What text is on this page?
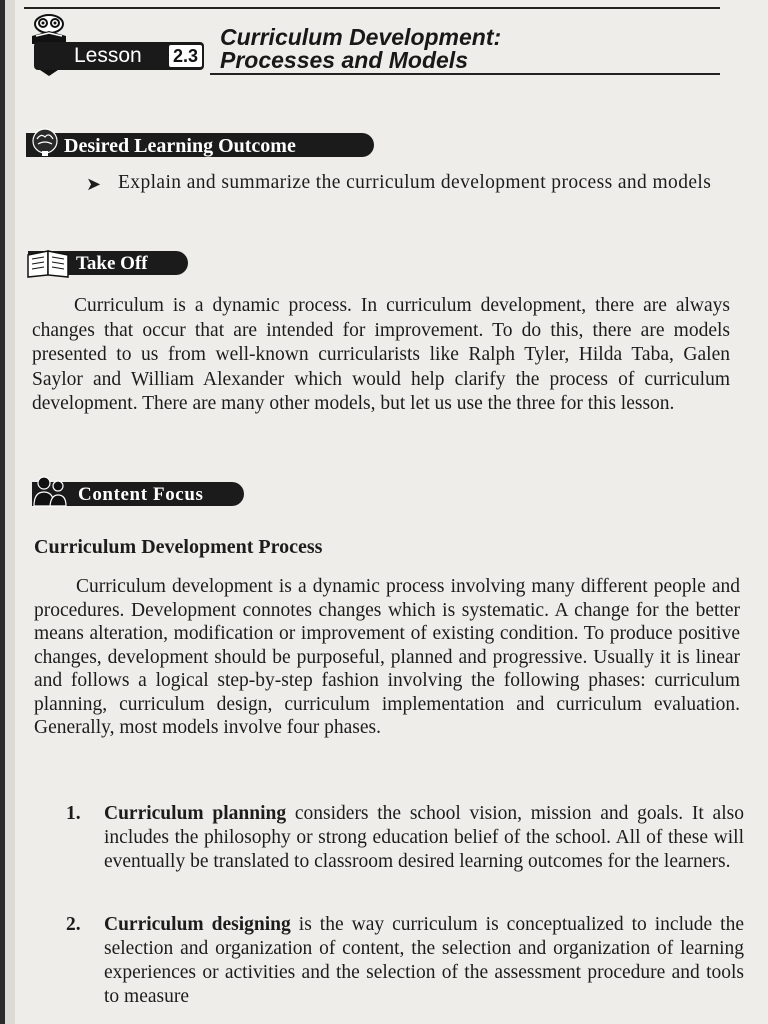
Lesson 2.3
Curriculum Development:
Processes and Models
Desired Learning Outcome
➤ Explain and summarize the curriculum development process and models
Take Off
Curriculum is a dynamic process. In curriculum development, there are always changes that occur that are intended for improvement. To do this, there are models presented to us from well-known curricularists like Ralph Tyler, Hilda Taba, Galen Saylor and William Alexander which would help clarify the process of curriculum development. There are many other models, but let us use the three for this lesson.
Content Focus
Curriculum Development Process
Curriculum development is a dynamic process involving many different people and procedures. Development connotes changes which is systematic. A change for the better means alteration, modification or improvement of existing condition. To produce positive changes, development should be purposeful, planned and progressive. Usually it is linear and follows a logical step-by-step fashion involving the following phases: curriculum planning, curriculum design, curriculum implementation and curriculum evaluation. Generally, most models involve four phases.
1. Curriculum planning considers the school vision, mission and goals. It also includes the philosophy or strong education belief of the school. All of these will eventually be translated to classroom desired learning outcomes for the learners.
2. Curriculum designing is the way curriculum is conceptualized to include the selection and organization of content, the selection and organization of learning experiences or activities and the selection of the assessment procedure and tools to measure
